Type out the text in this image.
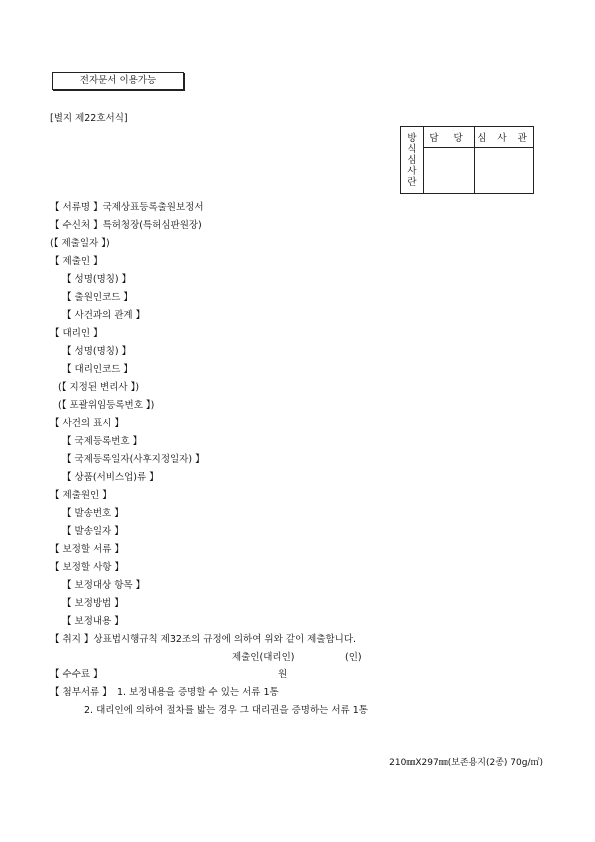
전자문서 이용가능
[별지 제22호서식]
방식심사란	담 당	심 사 관

【 서류명 】국제상표등록출원보정서
【 수신처 】특허청장(특허심판원장)
(【 제출일자 】)
【 제출인 】
【 성명(명칭) 】
【 출원인코드 】
【 사건과의 관계 】
【 대리인 】
【 성명(명칭) 】
【 대리인코드 】
(【 지정된 변리사 】)
(【 포괄위임등록번호 】)
【 사건의 표시 】
【 국제등록번호 】
【 국제등록일자(사후지정일자) 】
【 상품(서비스업)류 】
【 제출원인 】
【 발송번호 】
【 발송일자 】
【 보정할 서류 】
【 보정할 사항 】
【 보정대상 항목 】
【 보정방법 】
【 보정내용 】
【 취지 】상표법시행규칙 제32조의 규정에 의하여 위와 같이 제출합니다.
제출인(대리인)	(인)
【 수수료 】	원
【 첨부서류 】 1. 보정내용을 증명할 수 있는 서류 1통
2. 대리인에 의하여 절차를 밟는 경우 그 대리권을 증명하는 서류 1통
210㎜X297㎜(보존용지(2종) 70g/㎡)
